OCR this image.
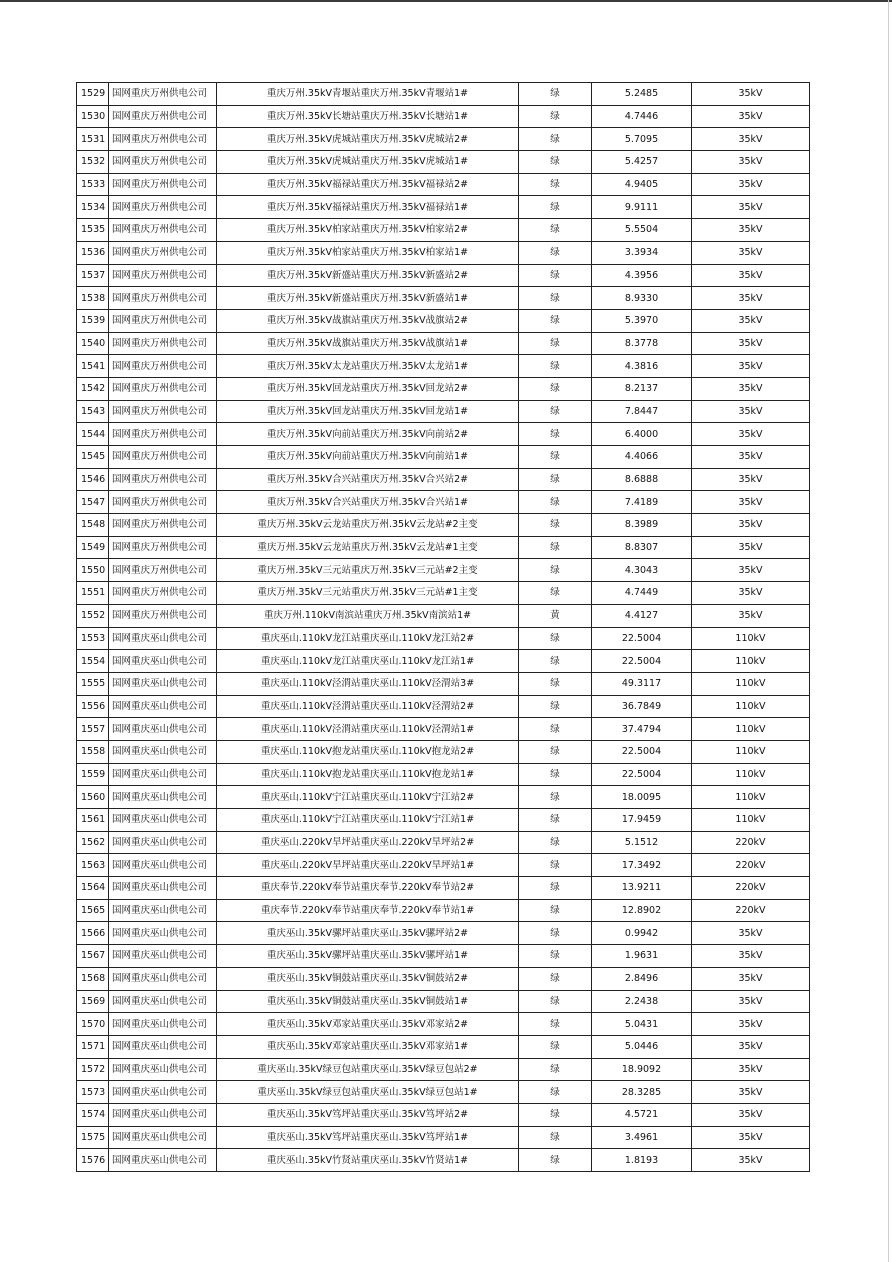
1529	国网重庆万州供电公司	重庆万州.35kV青堰站重庆万州.35kV青堰站1#	绿	5.2485	35kV
1530	国网重庆万州供电公司	重庆万州.35kV长塘站重庆万州.35kV长塘站1#	绿	4.7446	35kV
1531	国网重庆万州供电公司	重庆万州.35kV虎城站重庆万州.35kV虎城站2#	绿	5.7095	35kV
1532	国网重庆万州供电公司	重庆万州.35kV虎城站重庆万州.35kV虎城站1#	绿	5.4257	35kV
1533	国网重庆万州供电公司	重庆万州.35kV福禄站重庆万州.35kV福禄站2#	绿	4.9405	35kV
1534	国网重庆万州供电公司	重庆万州.35kV福禄站重庆万州.35kV福禄站1#	绿	9.9111	35kV
1535	国网重庆万州供电公司	重庆万州.35kV柏家站重庆万州.35kV柏家站2#	绿	5.5504	35kV
1536	国网重庆万州供电公司	重庆万州.35kV柏家站重庆万州.35kV柏家站1#	绿	3.3934	35kV
1537	国网重庆万州供电公司	重庆万州.35kV新盛站重庆万州.35kV新盛站2#	绿	4.3956	35kV
1538	国网重庆万州供电公司	重庆万州.35kV新盛站重庆万州.35kV新盛站1#	绿	8.9330	35kV
1539	国网重庆万州供电公司	重庆万州.35kV战旗站重庆万州.35kV战旗站2#	绿	5.3970	35kV
1540	国网重庆万州供电公司	重庆万州.35kV战旗站重庆万州.35kV战旗站1#	绿	8.3778	35kV
1541	国网重庆万州供电公司	重庆万州.35kV太龙站重庆万州.35kV太龙站1#	绿	4.3816	35kV
1542	国网重庆万州供电公司	重庆万州.35kV回龙站重庆万州.35kV回龙站2#	绿	8.2137	35kV
1543	国网重庆万州供电公司	重庆万州.35kV回龙站重庆万州.35kV回龙站1#	绿	7.8447	35kV
1544	国网重庆万州供电公司	重庆万州.35kV向前站重庆万州.35kV向前站2#	绿	6.4000	35kV
1545	国网重庆万州供电公司	重庆万州.35kV向前站重庆万州.35kV向前站1#	绿	4.4066	35kV
1546	国网重庆万州供电公司	重庆万州.35kV合兴站重庆万州.35kV合兴站2#	绿	8.6888	35kV
1547	国网重庆万州供电公司	重庆万州.35kV合兴站重庆万州.35kV合兴站1#	绿	7.4189	35kV
1548	国网重庆万州供电公司	重庆万州.35kV云龙站重庆万州.35kV云龙站#2主变	绿	8.3989	35kV
1549	国网重庆万州供电公司	重庆万州.35kV云龙站重庆万州.35kV云龙站#1主变	绿	8.8307	35kV
1550	国网重庆万州供电公司	重庆万州.35kV三元站重庆万州.35kV三元站#2主变	绿	4.3043	35kV
1551	国网重庆万州供电公司	重庆万州.35kV三元站重庆万州.35kV三元站#1主变	绿	4.7449	35kV
1552	国网重庆万州供电公司	重庆万州.110kV南滨站重庆万州.35kV南滨站1#	黄	4.4127	35kV
1553	国网重庆巫山供电公司	重庆巫山.110kV龙江站重庆巫山.110kV龙江站2#	绿	22.5004	110kV
1554	国网重庆巫山供电公司	重庆巫山.110kV龙江站重庆巫山.110kV龙江站1#	绿	22.5004	110kV
1555	国网重庆巫山供电公司	重庆巫山.110kV泾渭站重庆巫山.110kV泾渭站3#	绿	49.3117	110kV
1556	国网重庆巫山供电公司	重庆巫山.110kV泾渭站重庆巫山.110kV泾渭站2#	绿	36.7849	110kV
1557	国网重庆巫山供电公司	重庆巫山.110kV泾渭站重庆巫山.110kV泾渭站1#	绿	37.4794	110kV
1558	国网重庆巫山供电公司	重庆巫山.110kV抱龙站重庆巫山.110kV抱龙站2#	绿	22.5004	110kV
1559	国网重庆巫山供电公司	重庆巫山.110kV抱龙站重庆巫山.110kV抱龙站1#	绿	22.5004	110kV
1560	国网重庆巫山供电公司	重庆巫山.110kV宁江站重庆巫山.110kV宁江站2#	绿	18.0095	110kV
1561	国网重庆巫山供电公司	重庆巫山.110kV宁江站重庆巫山.110kV宁江站1#	绿	17.9459	110kV
1562	国网重庆巫山供电公司	重庆巫山.220kV旱坪站重庆巫山.220kV旱坪站2#	绿	5.1512	220kV
1563	国网重庆巫山供电公司	重庆巫山.220kV旱坪站重庆巫山.220kV旱坪站1#	绿	17.3492	220kV
1564	国网重庆巫山供电公司	重庆奉节.220kV奉节站重庆奉节.220kV奉节站2#	绿	13.9211	220kV
1565	国网重庆巫山供电公司	重庆奉节.220kV奉节站重庆奉节.220kV奉节站1#	绿	12.8902	220kV
1566	国网重庆巫山供电公司	重庆巫山.35kV骡坪站重庆巫山.35kV骡坪站2#	绿	0.9942	35kV
1567	国网重庆巫山供电公司	重庆巫山.35kV骡坪站重庆巫山.35kV骡坪站1#	绿	1.9631	35kV
1568	国网重庆巫山供电公司	重庆巫山.35kV铜鼓站重庆巫山.35kV铜鼓站2#	绿	2.8496	35kV
1569	国网重庆巫山供电公司	重庆巫山.35kV铜鼓站重庆巫山.35kV铜鼓站1#	绿	2.2438	35kV
1570	国网重庆巫山供电公司	重庆巫山.35kV邓家站重庆巫山.35kV邓家站2#	绿	5.0431	35kV
1571	国网重庆巫山供电公司	重庆巫山.35kV邓家站重庆巫山.35kV邓家站1#	绿	5.0446	35kV
1572	国网重庆巫山供电公司	重庆巫山.35kV绿豆包站重庆巫山.35kV绿豆包站2#	绿	18.9092	35kV
1573	国网重庆巫山供电公司	重庆巫山.35kV绿豆包站重庆巫山.35kV绿豆包站1#	绿	28.3285	35kV
1574	国网重庆巫山供电公司	重庆巫山.35kV笃坪站重庆巫山.35kV笃坪站2#	绿	4.5721	35kV
1575	国网重庆巫山供电公司	重庆巫山.35kV笃坪站重庆巫山.35kV笃坪站1#	绿	3.4961	35kV
1576	国网重庆巫山供电公司	重庆巫山.35kV竹贤站重庆巫山.35kV竹贤站1#	绿	1.8193	35kV
